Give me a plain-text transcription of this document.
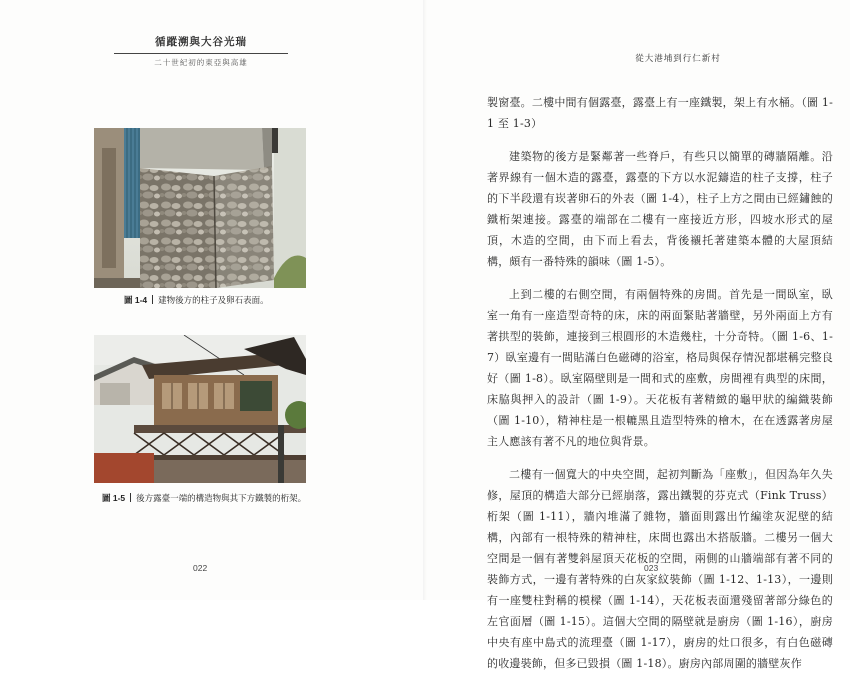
循蹤溯與大谷光瑞
二十世紀初的東亞與高雄
圖 1-4 建物後方的柱子及卵石表面。
圖 1-5 後方露臺一端的構造物與其下方鐵製的桁架。
022
從大港埔到行仁新村

製窗臺。二樓中間有個露臺，露臺上有一座鐵製，架上有水桶。（圖 1-1 至 1-3）

建築物的後方是緊鄰著一些脊戶，有些只以簡單的磚牆隔離。沿著界線有一個木造的露臺，露臺的下方以水泥鑄造的柱子支撐，柱子的下半段還有崁著卵石的外表（圖 1-4），柱子上方之間由已經鏽蝕的鐵桁架連接。露臺的端部在二樓有一座接近方形，四坡水形式的屋頂，木造的空間，由下而上看去，背後襯托著建築本體的大屋頂結構，頗有一番特殊的韻味（圖 1-5）。

上到二樓的右側空間，有兩個特殊的房間。首先是一間臥室，臥室一角有一座造型奇特的床，床的兩面緊貼著牆壁，另外兩面上方有著拱型的裝飾，連接到三根圓形的木造幾柱，十分奇特。（圖 1-6、1-7）臥室邊有一間貼滿白色磁磚的浴室，格局與保存情況都堪稱完整良好（圖 1-8）。臥室隔壁則是一間和式的座敷，房間裡有典型的床間，床脇與押入的設計（圖 1-9）。天花板有著精緻的龜甲狀的編織裝飾（圖 1-10），精神柱是一根轆黑且造型特殊的檜木，在在透露著房屋主人應該有著不凡的地位與背景。

二樓有一個寬大的中央空間，起初判斷為「座敷」，但因為年久失修，屋頂的構造大部分已經崩落，露出鐵製的芬克式（Fink Truss）桁架（圖 1-11），牆內堆滿了雜物，牆面則露出竹編塗灰泥壁的結構，內部有一根特殊的精神柱，床間也露出木搭版牆。二樓另一個大空間是一個有著雙斜屋頂天花板的空間，兩側的山牆端部有著不同的裝飾方式，一邊有著特殊的白灰家紋裝飾（圖 1-12、1-13），一邊則有一座雙柱對稱的模樑（圖 1-14），天花板表面還殘留著部分綠色的左官面層（圖 1-15）。這個大空間的隔壁就是廚房（圖 1-16），廚房中央有座中島式的流理臺（圖 1-17），廚房的灶口很多，有白色磁磚的收邊裝飾，但多已毀損（圖 1-18）。廚房內部周圍的牆壁灰作

023
